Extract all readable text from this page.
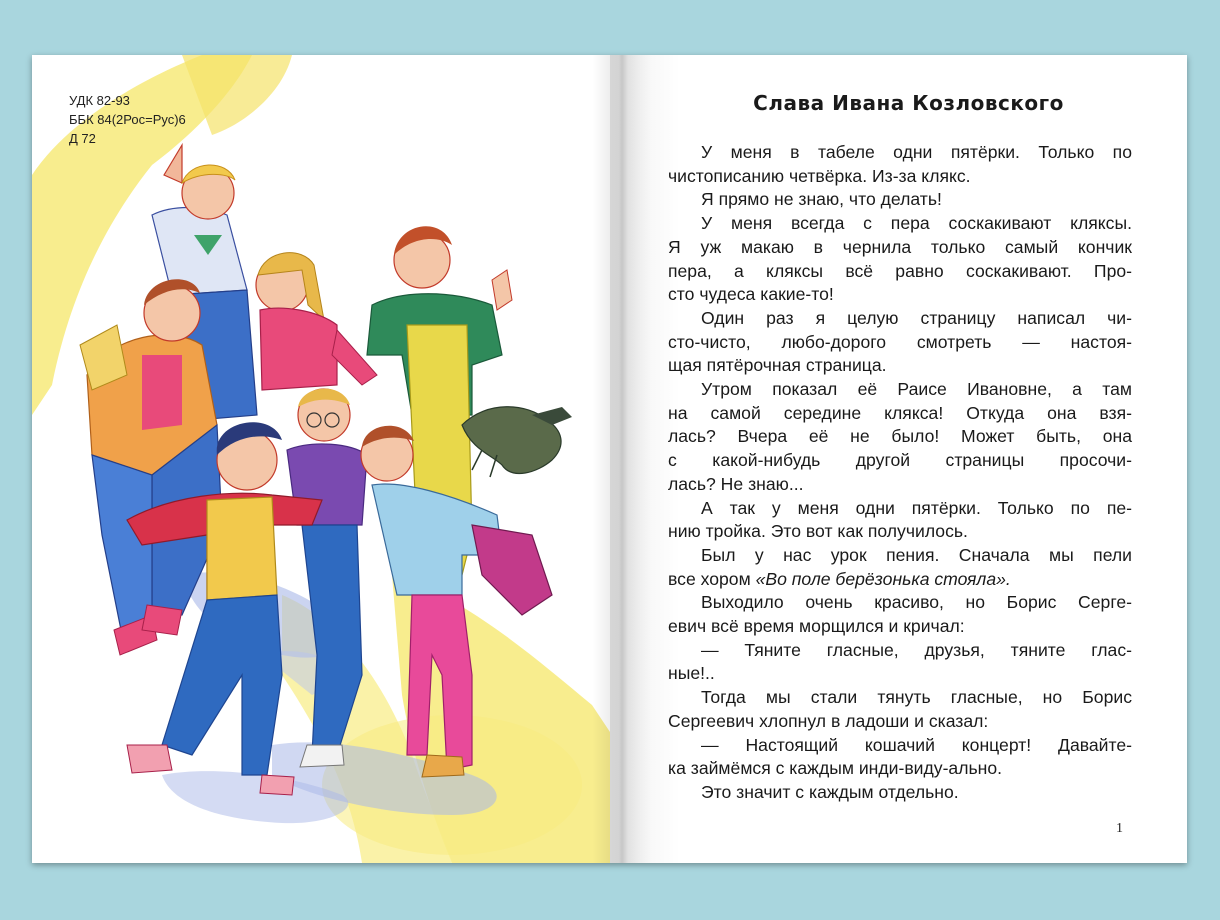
УДК 82-93
ББК 84(2Рос=Рус)6
Д 72
Слава Ивана Козловского

У меня в табеле одни пятёрки. Только по

чистописанию четвёрка. Из-за клякс.

Я прямо не знаю, что делать!

У меня всегда с пера соскакивают кляксы.

Я уж макаю в чернила только самый кончик

пера, а кляксы всё равно соскакивают. Про-

сто чудеса какие-то!

Один раз я целую страницу написал чи-

сто-чисто, любо-дорого смотреть — настоя-

щая пятёрочная страница.

Утром показал её Раисе Ивановне, а там

на самой середине клякса! Откуда она взя-

лась? Вчера её не было! Может быть, она

с какой-нибудь другой страницы просочи-

лась? Не знаю...

А так у меня одни пятёрки. Только по пе-

нию тройка. Это вот как получилось.

Был у нас урок пения. Сначала мы пели

все хором «Во поле берёзонька стояла».

Выходило очень красиво, но Борис Серге-

евич всё время морщился и кричал:

— Тяните гласные, друзья, тяните глас-

ные!..

Тогда мы стали тянуть гласные, но Борис

Сергеевич хлопнул в ладоши и сказал:

— Настоящий кошачий концерт! Давайте-

ка займёмся с каждым инди-виду-ально.

Это значит с каждым отдельно.

1
